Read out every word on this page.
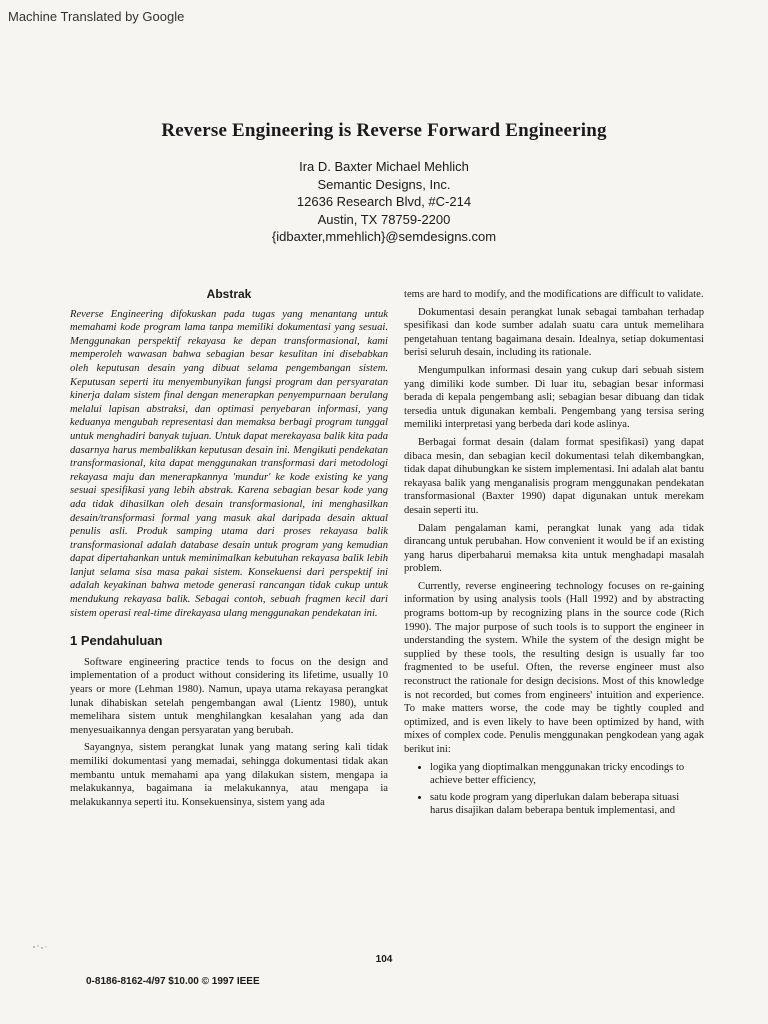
Machine Translated by Google
Reverse Engineering is Reverse Forward Engineering
Ira D. Baxter Michael Mehlich
Semantic Designs, Inc.
12636 Research Blvd, #C-214
Austin, TX 78759-2200
{idbaxter,mmehlich}@semdesigns.com
Abstrak

Reverse Engineering difokuskan pada tugas yang menantang untuk memahami kode program lama tanpa memiliki dokumentasi yang sesuai. Menggunakan perspektif rekayasa ke depan transformasional, kami memperoleh wawasan bahwa sebagian besar kesulitan ini disebabkan oleh keputusan desain yang dibuat selama pengembangan sistem. Keputusan seperti itu menyembunyikan fungsi program dan persyaratan kinerja dalam sistem final dengan menerapkan penyempurnaan berulang melalui lapisan abstraksi, dan optimasi penyebaran informasi, yang keduanya mengubah representasi dan memaksa berbagi program tunggal untuk menghadiri banyak tujuan. Untuk dapat merekayasa balik kita pada dasarnya harus membalikkan keputusan desain ini. Mengikuti pendekatan transformasional, kita dapat menggunakan transformasi dari metodologi rekayasa maju dan menerapkannya 'mundur' ke kode existing ke yang sesuai spesifikasi yang lebih abstrak. Karena sebagian besar kode yang ada tidak dihasilkan oleh desain transformasional, ini menghasilkan desain/transformasi formal yang masuk akal daripada desain aktual penulis asli. Produk samping utama dari proses rekayasa balik transformasional adalah database desain untuk program yang kemudian dapat dipertahankan untuk meminimalkan kebutuhan rekayasa balik lebih lanjut selama sisa masa pakai sistem. Konsekuensi dari perspektif ini adalah keyakinan bahwa metode generasi rancangan tidak cukup untuk mendukung rekayasa balik. Sebagai contoh, sebuah fragmen kecil dari sistem operasi real-time direkayasa ulang menggunakan pendekatan ini.

1 Pendahuluan

Software engineering practice tends to focus on the design and implementation of a product without considering its lifetime, usually 10 years or more (Lehman 1980). Namun, upaya utama rekayasa perangkat lunak dihabiskan setelah pengembangan awal (Lientz 1980), untuk memelihara sistem untuk menghilangkan kesalahan yang ada dan menyesuaikannya dengan persyaratan yang berubah.

Sayangnya, sistem perangkat lunak yang matang sering kali tidak memiliki dokumentasi yang memadai, sehingga dokumentasi tidak akan membantu untuk memahami apa yang dilakukan sistem, mengapa ia melakukannya, bagaimana ia melakukannya, atau mengapa ia melakukannya seperti itu. Konsekuensinya, sistem yang ada

tems are hard to modify, and the modifications are difficult to validate.

Dokumentasi desain perangkat lunak sebagai tambahan terhadap spesifikasi dan kode sumber adalah suatu cara untuk memelihara pengetahuan tentang bagaimana desain. Idealnya, setiap dokumentasi berisi seluruh desain, including its rationale.

Mengumpulkan informasi desain yang cukup dari sebuah sistem yang dimiliki kode sumber. Di luar itu, sebagian besar informasi berada di kepala pengembang asli; sebagian besar dibuang dan tidak tersedia untuk digunakan kembali. Pengembang yang tersisa sering memiliki interpretasi yang berbeda dari kode aslinya.

Berbagai format desain (dalam format spesifikasi) yang dapat dibaca mesin, dan sebagian kecil dokumentasi telah dikembangkan, tidak dapat dihubungkan ke sistem implementasi. Ini adalah alat bantu rekayasa balik yang menganalisis program menggunakan pendekatan transformasional (Baxter 1990) dapat digunakan untuk merekam desain seperti itu.

Dalam pengalaman kami, perangkat lunak yang ada tidak dirancang untuk perubahan. How convenient it would be if an existing yang harus diperbaharui memaksa kita untuk menghadapi masalah problem.

Currently, reverse engineering technology focuses on re-gaining information by using analysis tools (Hall 1992) and by abstracting programs bottom-up by recognizing plans in the source code (Rich 1990). The major purpose of such tools is to support the engineer in understanding the system. While the system of the design might be supplied by these tools, the resulting design is usually far too fragmented to be useful. Often, the reverse engineer must also reconstruct the rationale for design decisions. Most of this knowledge is not recorded, but comes from engineers' intuition and experience. To make matters worse, the code may be tightly coupled and optimized, and is even likely to have been optimized by hand, with mixes of complex code. Penulis menggunakan pengkodean yang agak berikut ini:

• logika yang dioptimalkan menggunakan tricky encodings to achieve better efficiency,
• satu kode program yang diperlukan dalam beberapa situasi harus disajikan dalam beberapa bentuk implementasi, and
104
0-8186-8162-4/97 $10.00 © 1997 IEEE
